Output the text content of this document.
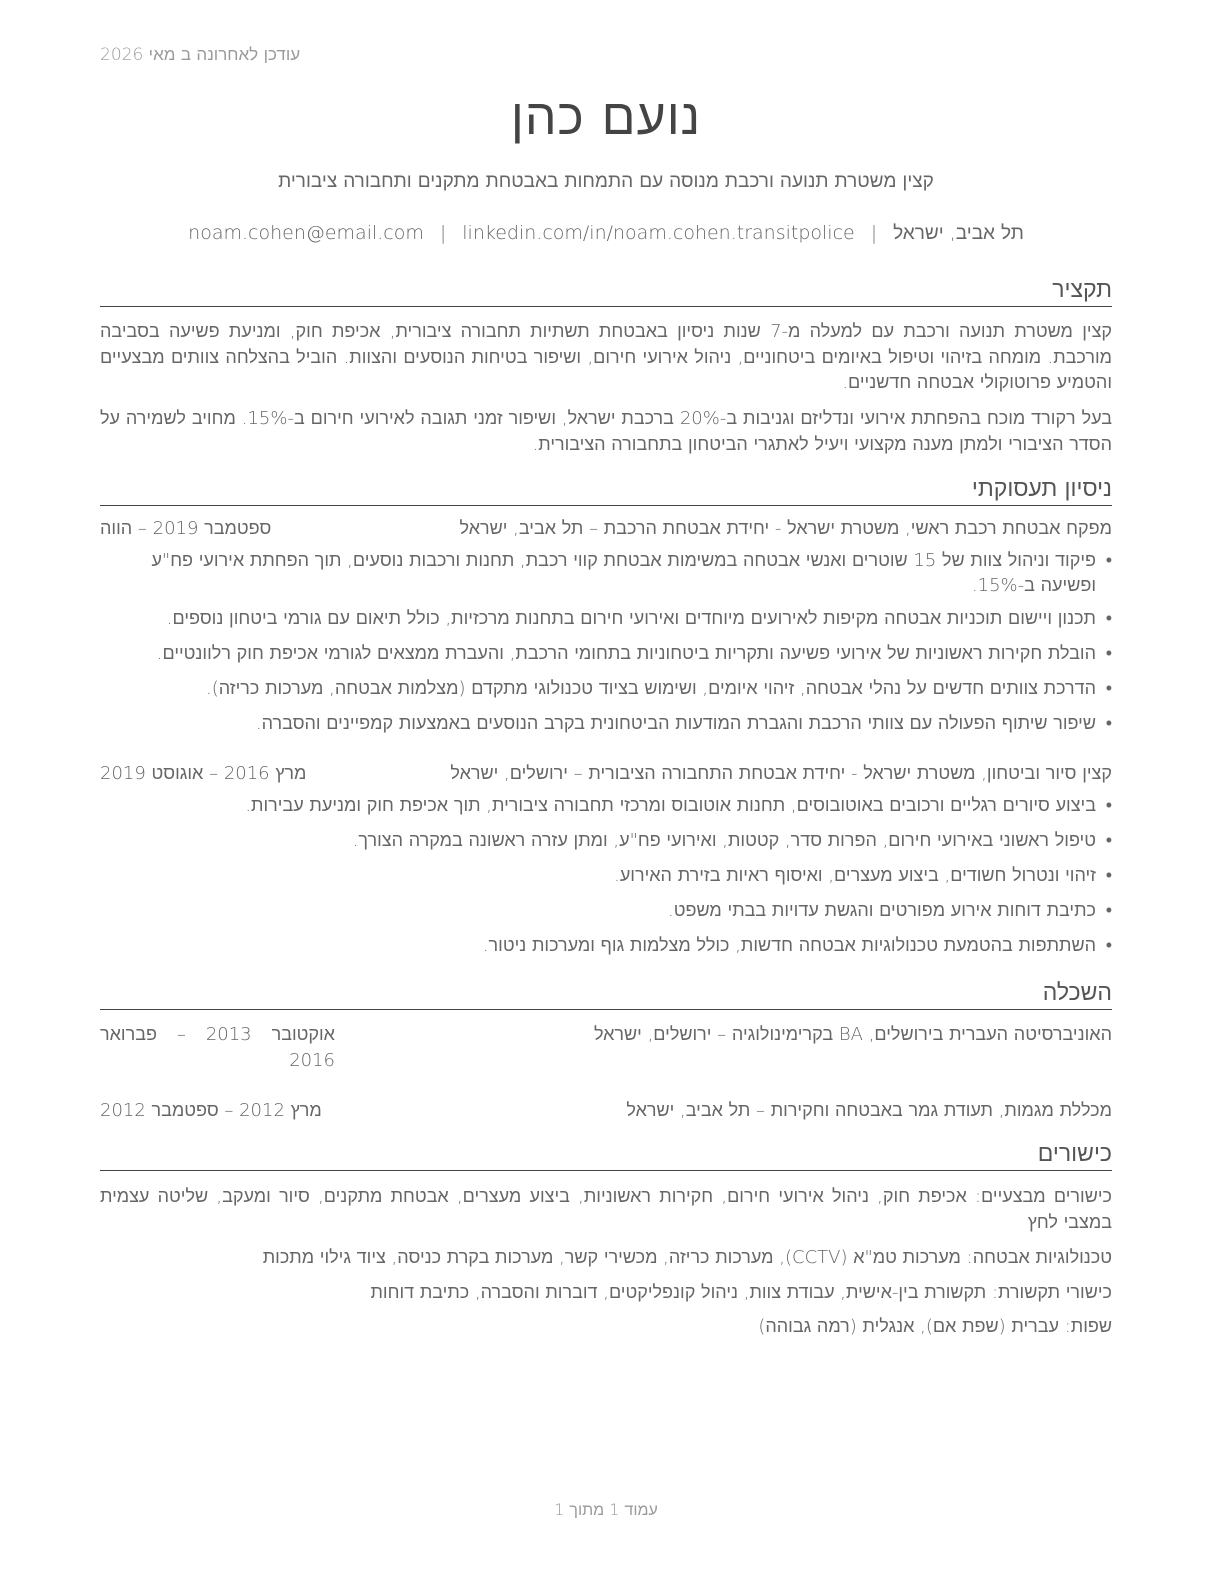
עודכן לאחרונה ב מאי 2026
נועם כהן
קצין משטרת תנועה ורכבת מנוסה עם התמחות באבטחת מתקנים ותחבורה ציבורית
תל אביב, ישראל|noam.cohen@email.com | linkedin.com/in/noam.cohen.transitpolice
תקציר
קצין משטרת תנועה ורכבת עם למעלה מ-7 שנות ניסיון באבטחת תשתיות תחבורה ציבורית, אכיפת חוק, ומניעת פשיעה בסביבה מורכבת. מומחה בזיהוי וטיפול באיומים ביטחוניים, ניהול אירועי חירום, ושיפור בטיחות הנוסעים והצוות. הוביל בהצלחה צוותים מבצעיים והטמיע פרוטוקולי אבטחה חדשניים.
בעל רקורד מוכח בהפחתת אירועי ונדליזם וגניבות ב-20% ברכבת ישראל, ושיפור זמני תגובה לאירועי חירום ב-15%. מחויב לשמירה על הסדר הציבורי ולמתן מענה מקצועי ויעיל לאתגרי הביטחון בתחבורה הציבורית.
ניסיון תעסוקתי
מפקח אבטחת רכבת ראשי, משטרת ישראל - יחידת אבטחת הרכבת – תל אביב, ישראל
ספטמבר 2019 – הווה
• פיקוד וניהול צוות של 15 שוטרים ואנשי אבטחה במשימות אבטחת קווי רכבת, תחנות ורכבות נוסעים, תוך הפחתת אירועי פח"ע ופשיעה ב-15%.
• תכנון ויישום תוכניות אבטחה מקיפות לאירועים מיוחדים ואירועי חירום בתחנות מרכזיות, כולל תיאום עם גורמי ביטחון נוספים.
• הובלת חקירות ראשוניות של אירועי פשיעה ותקריות ביטחוניות בתחומי הרכבת, והעברת ממצאים לגורמי אכיפת חוק רלוונטיים.
• הדרכת צוותים חדשים על נהלי אבטחה, זיהוי איומים, ושימוש בציוד טכנולוגי מתקדם (מצלמות אבטחה, מערכות כריזה).
• שיפור שיתוף הפעולה עם צוותי הרכבת והגברת המודעות הביטחונית בקרב הנוסעים באמצעות קמפיינים והסברה.
קצין סיור וביטחון, משטרת ישראל - יחידת אבטחת התחבורה הציבורית – ירושלים, ישראל
מרץ 2016 – אוגוסט 2019
• ביצוע סיורים רגליים ורכובים באוטובוסים, תחנות אוטובוס ומרכזי תחבורה ציבורית, תוך אכיפת חוק ומניעת עבירות.
• טיפול ראשוני באירועי חירום, הפרות סדר, קטטות, ואירועי פח"ע, ומתן עזרה ראשונה במקרה הצורך.
• זיהוי ונטרול חשודים, ביצוע מעצרים, ואיסוף ראיות בזירת האירוע.
• כתיבת דוחות אירוע מפורטים והגשת עדויות בבתי משפט.
• השתתפות בהטמעת טכנולוגיות אבטחה חדשות, כולל מצלמות גוף ומערכות ניטור.
השכלה
האוניברסיטה העברית בירושלים, BA בקרימינולוגיה – ירושלים, ישראל
אוקטובר 2013 – פברואר 2016
מכללת מגמות, תעודת גמר באבטחה וחקירות – תל אביב, ישראל
מרץ 2012 – ספטמבר 2012
כישורים
כישורים מבצעיים: אכיפת חוק, ניהול אירועי חירום, חקירות ראשוניות, ביצוע מעצרים, אבטחת מתקנים, סיור ומעקב, שליטה עצמית במצבי לחץ
טכנולוגיות אבטחה: מערכות טמ"א (CCTV), מערכות כריזה, מכשירי קשר, מערכות בקרת כניסה, ציוד גילוי מתכות
כישורי תקשורת: תקשורת בין-אישית, עבודת צוות, ניהול קונפליקטים, דוברות והסברה, כתיבת דוחות
שפות: עברית (שפת אם), אנגלית (רמה גבוהה)
עמוד 1 מתוך 1
